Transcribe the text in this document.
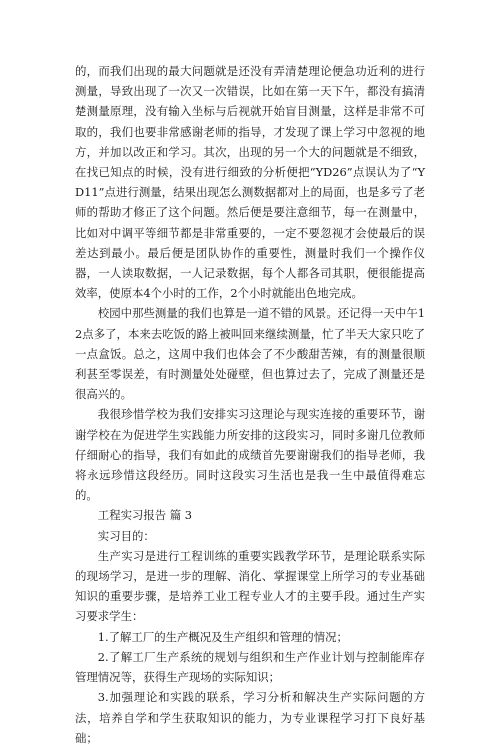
的，而我们出现的最大问题就是还没有弄清楚理论便急功近利的进行测量，导致出现了一次又一次错误，比如在第一天下午，都没有搞清楚测量原理，没有输入坐标与后视就开始盲目测量，这样是非常不可取的，我们也要非常感谢老师的指导，才发现了课上学习中忽视的地方，并加以改正和学习。其次，出现的另一个大的问题就是不细致，在找已知点的时候，没有进行细致的分析便把“YD26”点误认为了“YD11”点进行测量，结果出现怎么测数据都对上的局面，也是多亏了老师的帮助才修正了这个问题。然后便是要注意细节，每一在测量中，比如对中调平等细节都是非常重要的，一定不要忽视才会使最后的误差达到最小。最后便是团队协作的重要性，测量时我们一个操作仪器，一人读取数据，一人记录数据，每个人都各司其职，便很能提高效率，使原本4个小时的工作，2个小时就能出色地完成。

校园中那些测量的我们也算是一道不错的风景。还记得一天中午12点多了，本来去吃饭的路上被叫回来继续测量，忙了半天大家只吃了一点盒饭。总之，这周中我们也体会了不少酸甜苦辣，有的测量很顺利甚至零误差，有时测量处处碰壁，但也算过去了，完成了测量还是很高兴的。

我很珍惜学校为我们安排实习这理论与现实连接的重要环节，谢谢学校在为促进学生实践能力所安排的这段实习，同时多谢几位教师仔细耐心的指导，我们有如此的成绩首先要谢谢我们的指导老师，我将永远珍惜这段经历。同时这段实习生活也是我一生中最值得难忘的。

工程实习报告 篇 3

实习目的：

生产实习是进行工程训练的重要实践教学环节，是理论联系实际的现场学习，是进一步的理解、消化、掌握课堂上所学习的专业基础知识的重要步骤，是培养工业工程专业人才的主要手段。通过生产实习要求学生：

1.了解工厂的生产概况及生产组织和管理的情况；

2.了解工厂生产系统的规划与组织和生产作业计划与控制能库存管理情况等，获得生产现场的实际知识；

3.加强理论和实践的联系，学习分析和解决生产实际问题的方法，培养自学和学生获取知识的能力，为专业课程学习打下良好基础；
